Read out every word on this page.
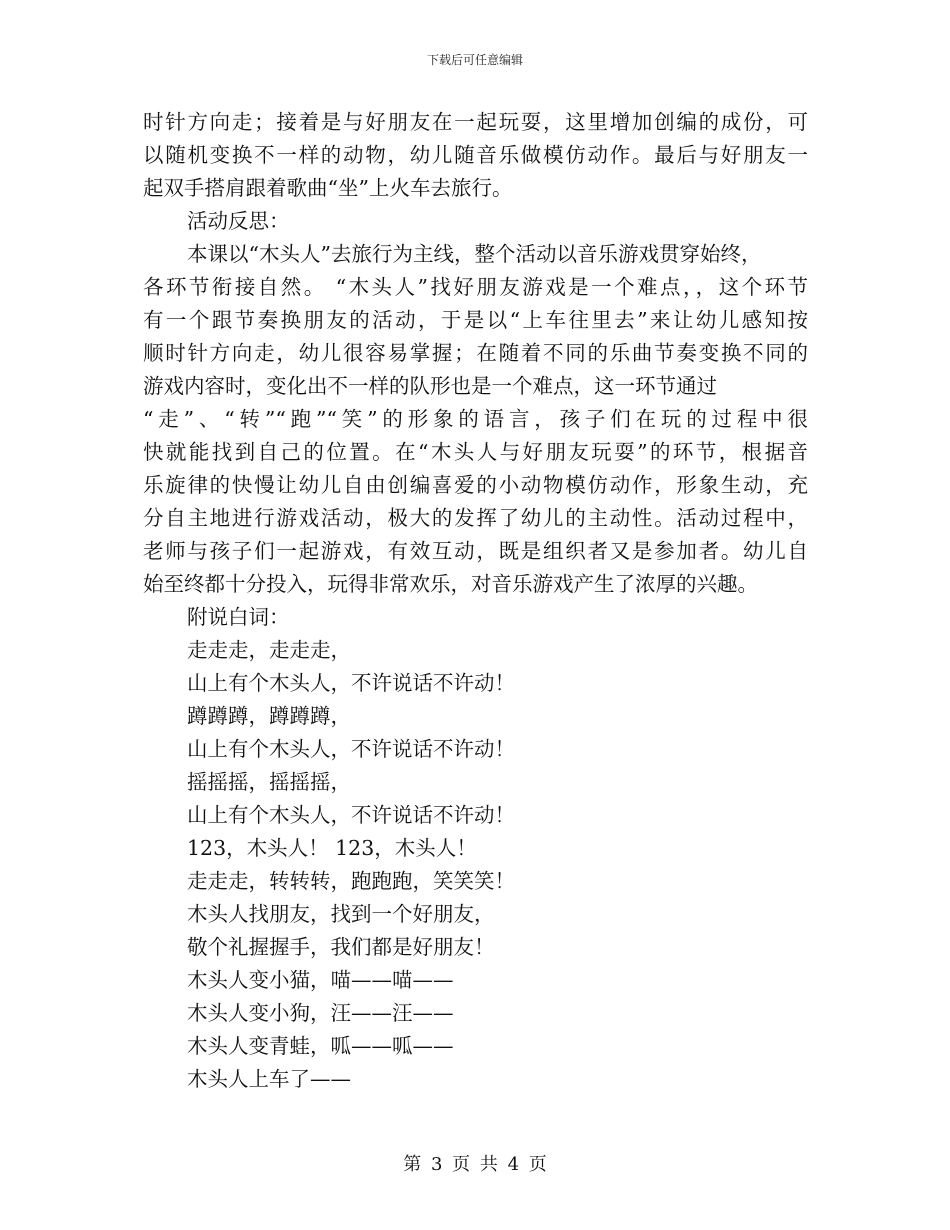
下载后可任意编辑
时针方向走；接着是与好朋友在一起玩耍，这里增加创编的成份，可
以随机变换不一样的动物，幼儿随音乐做模仿动作。最后与好朋友一
起双手搭肩跟着歌曲“坐”上火车去旅行。
活动反思：
本课以“木头人”去旅行为主线，整个活动以音乐游戏贯穿始终，
各环节衔接自然。 “木头人”找好朋友游戏是一个难点，，这个环节
有一个跟节奏换朋友的活动，于是以“上车往里去”来让幼儿感知按
顺时针方向走，幼儿很容易掌握；在随着不同的乐曲节奏变换不同的
游戏内容时，变化出不一样的队形也是一个难点，这一环节通过
“走”、“转”“跑”“笑”的形象的语言，孩子们在玩的过程中很
快就能找到自己的位置。在“木头人与好朋友玩耍”的环节，根据音
乐旋律的快慢让幼儿自由创编喜爱的小动物模仿动作，形象生动，充
分自主地进行游戏活动，极大的发挥了幼儿的主动性。活动过程中，
老师与孩子们一起游戏，有效互动，既是组织者又是参加者。幼儿自
始至终都十分投入，玩得非常欢乐，对音乐游戏产生了浓厚的兴趣。
附说白词：
走走走，走走走，
山上有个木头人，不许说话不许动！
蹲蹲蹲，蹲蹲蹲，
山上有个木头人，不许说话不许动！
摇摇摇，摇摇摇，
山上有个木头人，不许说话不许动！
123，木头人！ 123，木头人！
走走走，转转转，跑跑跑，笑笑笑！
木头人找朋友，找到一个好朋友，
敬个礼握握手，我们都是好朋友！
木头人变小猫，喵——喵——
木头人变小狗，汪——汪——
木头人变青蛙，呱——呱——
木头人上车了——
第 3 页 共 4 页
